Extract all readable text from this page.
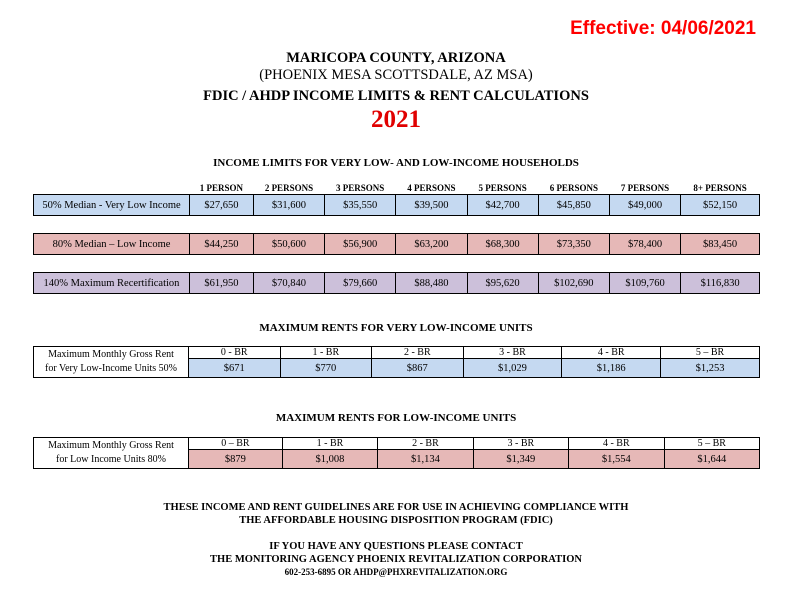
Effective: 04/06/2021
MARICOPA COUNTY, ARIZONA
(PHOENIX MESA SCOTTSDALE, AZ MSA)
FDIC / AHDP INCOME LIMITS & RENT CALCULATIONS
2021
INCOME LIMITS FOR VERY LOW- AND LOW-INCOME HOUSEHOLDS
	1 PERSON	2 PERSONS	3 PERSONS	4 PERSONS	5 PERSONS	6 PERSONS	7 PERSONS	8+ PERSONS
50% Median - Very Low Income	$27,650	$31,600	$35,550	$39,500	$42,700	$45,850	$49,000	$52,150

80% Median – Low Income	$44,250	$50,600	$56,900	$63,200	$68,300	$73,350	$78,400	$83,450

140% Maximum Recertification	$61,950	$70,840	$79,660	$88,480	$95,620	$102,690	$109,760	$116,830
MAXIMUM RENTS FOR VERY LOW-INCOME UNITS
Maximum Monthly Gross Rent
for Very Low-Income Units 50%	0 - BR	1 - BR	2 - BR	3 - BR	4 - BR	5 – BR
	$671	$770	$867	$1,029	$1,186	$1,253
MAXIMUM RENTS FOR LOW-INCOME UNITS
Maximum Monthly Gross Rent
for Low Income Units 80%	0 – BR	1 - BR	2 - BR	3 - BR	4 - BR	5 – BR
	$879	$1,008	$1,134	$1,349	$1,554	$1,644
THESE INCOME AND RENT GUIDELINES ARE FOR USE IN ACHIEVING COMPLIANCE WITH
THE AFFORDABLE HOUSING DISPOSITION PROGRAM (FDIC)
IF YOU HAVE ANY QUESTIONS PLEASE CONTACT
THE MONITORING AGENCY PHOENIX REVITALIZATION CORPORATION
602-253-6895 OR AHDP@PHXREVITALIZATION.ORG
